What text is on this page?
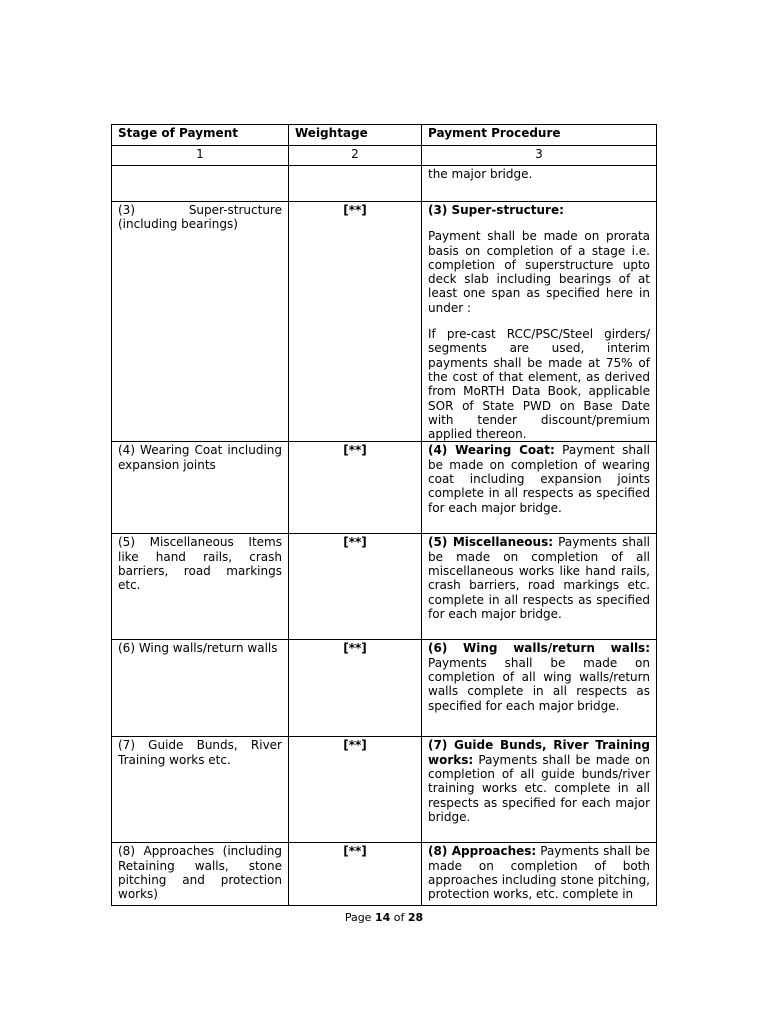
Stage of Payment	Weightage	Payment Procedure
1	2	3
		the major bridge.
(3) Super-structure (including bearings)	[**]	(3) Super-structure:
Payment shall be made on prorata basis on completion of a stage i.e. completion of superstructure upto deck slab including bearings of at least one span as specified here in under :
If pre-cast RCC/PSC/Steel girders/ segments are used, interim payments shall be made at 75% of the cost of that element, as derived from MoRTH Data Book, applicable SOR of State PWD on Base Date with tender discount/premium applied thereon.
(4) Wearing Coat including expansion joints	[**]	(4) Wearing Coat: Payment shall be made on completion of wearing coat including expansion joints complete in all respects as specified for each major bridge.
(5) Miscellaneous Items like hand rails, crash barriers, road markings etc.	[**]	(5) Miscellaneous: Payments shall be made on completion of all miscellaneous works like hand rails, crash barriers, road markings etc. complete in all respects as specified for each major bridge.
(6) Wing walls/return walls	[**]	(6) Wing walls/return walls: Payments shall be made on completion of all wing walls/return walls complete in all respects as specified for each major bridge.
(7) Guide Bunds, River Training works etc.	[**]	(7) Guide Bunds, River Training works: Payments shall be made on completion of all guide bunds/river training works etc. complete in all respects as specified for each major bridge.
(8) Approaches (including Retaining walls, stone pitching and protection works)	[**]	(8) Approaches: Payments shall be made on completion of both approaches including stone pitching, protection works, etc. complete in
Page 14 of 28
